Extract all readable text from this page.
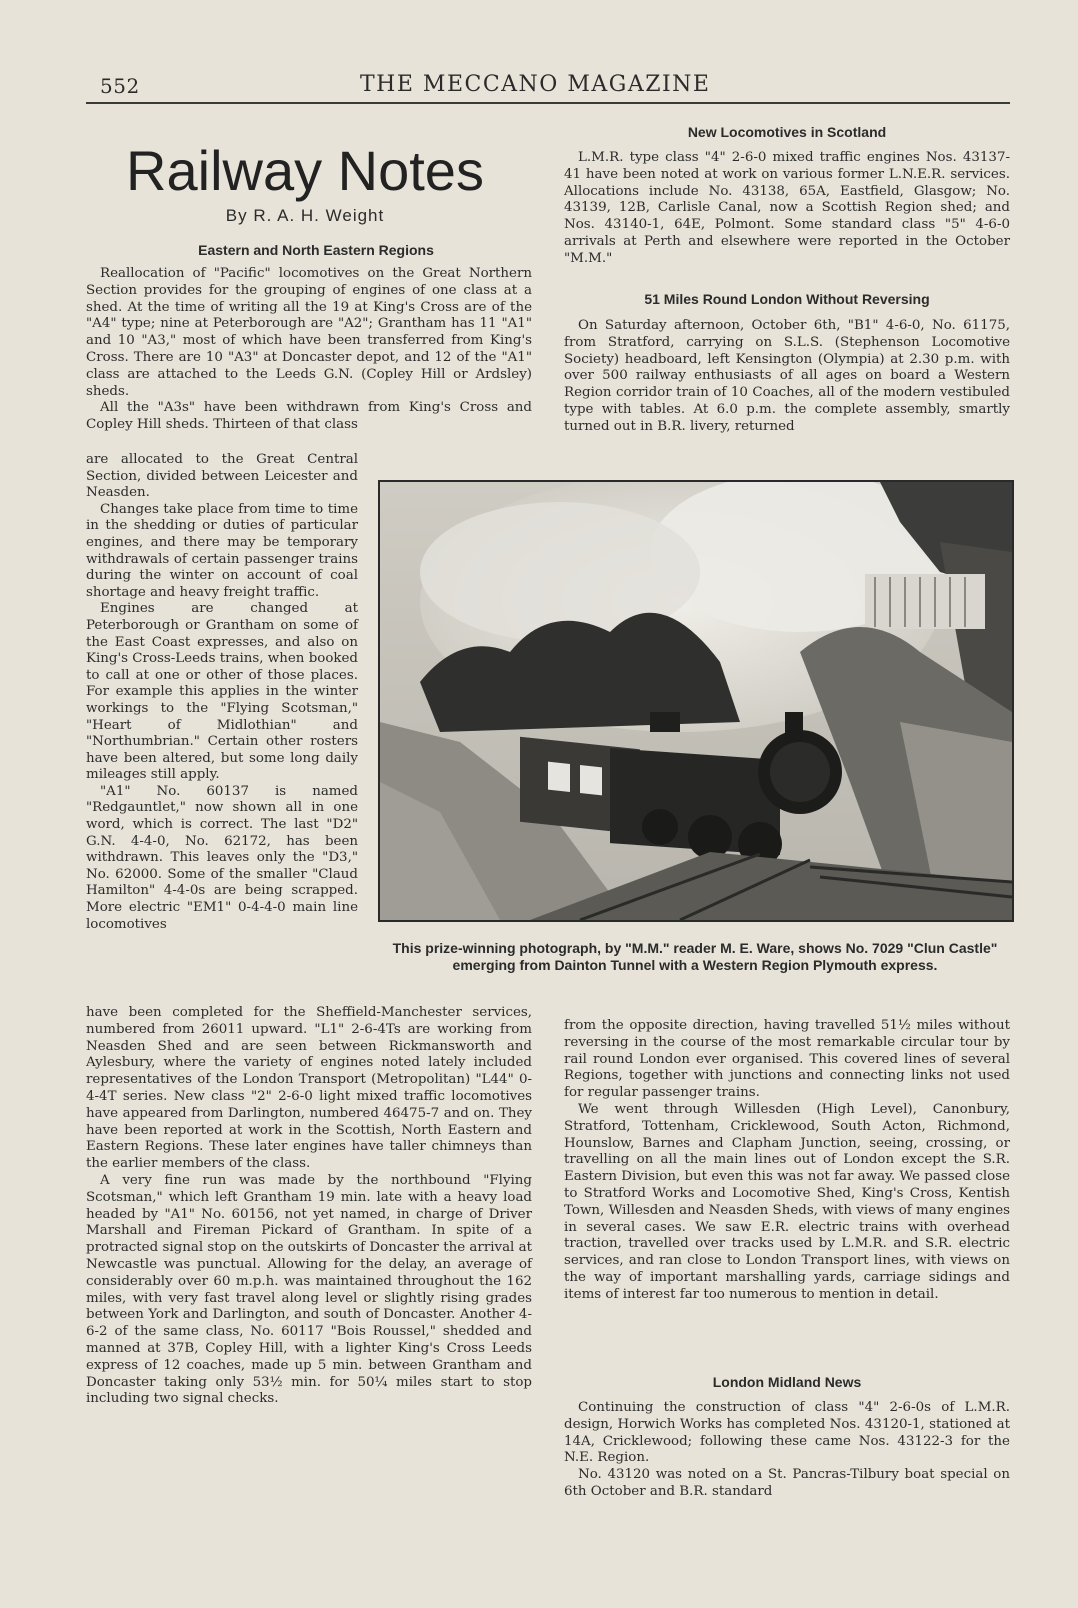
552	THE MECCANO MAGAZINE
Railway Notes
By R. A. H. Weight

Eastern and North Eastern Regions

Reallocation of "Pacific" locomotives on the Great Northern Section provides for the grouping of engines of one class at a shed. At the time of writing all the 19 at King's Cross are of the "A4" type; nine at Peterborough are "A2"; Grantham has 11 "A1" and 10 "A3," most of which have been transferred from King's Cross. There are 10 "A3" at Doncaster depot, and 12 of the "A1" class are attached to the Leeds G.N. (Copley Hill or Ardsley) sheds.

All the "A3s" have been withdrawn from King's Cross and Copley Hill sheds. Thirteen of that class

are allocated to the Great Central Section, divided between Leicester and Neasden.

Changes take place from time to time in the shedding or duties of particular engines, and there may be temporary withdrawals of certain passenger trains during the winter on account of coal shortage and heavy freight traffic.

Engines are changed at Peterborough or Grantham on some of the East Coast expresses, and also on King's Cross-Leeds trains, when booked to call at one or other of those places. For example this applies in the winter workings to the "Flying Scotsman," "Heart of Midlothian" and "Northumbrian." Certain other rosters have been altered, but some long daily mileages still apply.

"A1" No. 60137 is named "Redgauntlet," now shown all in one word, which is correct. The last "D2" G.N. 4-4-0, No. 62172, has been withdrawn. This leaves only the "D3," No. 62000. Some of the smaller "Claud Hamilton" 4-4-0s are being scrapped. More electric "EM1" 0-4-4-0 main line locomotives

have been completed for the Sheffield-Manchester services, numbered from 26011 upward. "L1" 2-6-4Ts are working from Neasden Shed and are seen between Rickmansworth and Aylesbury, where the variety of engines noted lately included representatives of the London Transport (Metropolitan) "L44" 0-4-4T series. New class "2" 2-6-0 light mixed traffic locomotives have appeared from Darlington, numbered 46475-7 and on. They have been reported at work in the Scottish, North Eastern and Eastern Regions. These later engines have taller chimneys than the earlier members of the class.

A very fine run was made by the northbound "Flying Scotsman," which left Grantham 19 min. late with a heavy load headed by "A1" No. 60156, not yet named, in charge of Driver Marshall and Fireman Pickard of Grantham. In spite of a protracted signal stop on the outskirts of Doncaster the arrival at Newcastle was punctual. Allowing for the delay, an average of considerably over 60 m.p.h. was maintained throughout the 162 miles, with very fast travel along level or slightly rising grades between York and Darlington, and south of Doncaster. Another 4-6-2 of the same class, No. 60117 "Bois Roussel," shedded and manned at 37B, Copley Hill, with a lighter King's Cross Leeds express of 12 coaches, made up 5 min. between Grantham and Doncaster taking only 53½ min. for 50¼ miles start to stop including two signal checks.

New Locomotives in Scotland

L.M.R. type class "4" 2-6-0 mixed traffic engines Nos. 43137-41 have been noted at work on various former L.N.E.R. services. Allocations include No. 43138, 65A, Eastfield, Glasgow; No. 43139, 12B, Carlisle Canal, now a Scottish Region shed; and Nos. 43140-1, 64E, Polmont. Some standard class "5" 4-6-0 arrivals at Perth and elsewhere were reported in the October "M.M."

51 Miles Round London Without Reversing

On Saturday afternoon, October 6th, "B1" 4-6-0, No. 61175, from Stratford, carrying on S.L.S. (Stephenson Locomotive Society) headboard, left Kensington (Olympia) at 2.30 p.m. with over 500 railway enthusiasts of all ages on board a Western Region corridor train of 10 Coaches, all of the modern vestibuled type with tables. At 6.0 p.m. the complete assembly, smartly turned out in B.R. livery, returned

This prize-winning photograph, by "M.M." reader M. E. Ware, shows No. 7029 "Clun Castle" emerging from Dainton Tunnel with a Western Region Plymouth express.

from the opposite direction, having travelled 51½ miles without reversing in the course of the most remarkable circular tour by rail round London ever organised. This covered lines of several Regions, together with junctions and connecting links not used for regular passenger trains.

We went through Willesden (High Level), Canonbury, Stratford, Tottenham, Cricklewood, South Acton, Richmond, Hounslow, Barnes and Clapham Junction, seeing, crossing, or travelling on all the main lines out of London except the S.R. Eastern Division, but even this was not far away. We passed close to Stratford Works and Locomotive Shed, King's Cross, Kentish Town, Willesden and Neasden Sheds, with views of many engines in several cases. We saw E.R. electric trains with overhead traction, travelled over tracks used by L.M.R. and S.R. electric services, and ran close to London Transport lines, with views on the way of important marshalling yards, carriage sidings and items of interest far too numerous to mention in detail.

London Midland News

Continuing the construction of class "4" 2-6-0s of L.M.R. design, Horwich Works has completed Nos. 43120-1, stationed at 14A, Cricklewood; following these came Nos. 43122-3 for the N.E. Region.

No. 43120 was noted on a St. Pancras-Tilbury boat special on 6th October and B.R. standard
